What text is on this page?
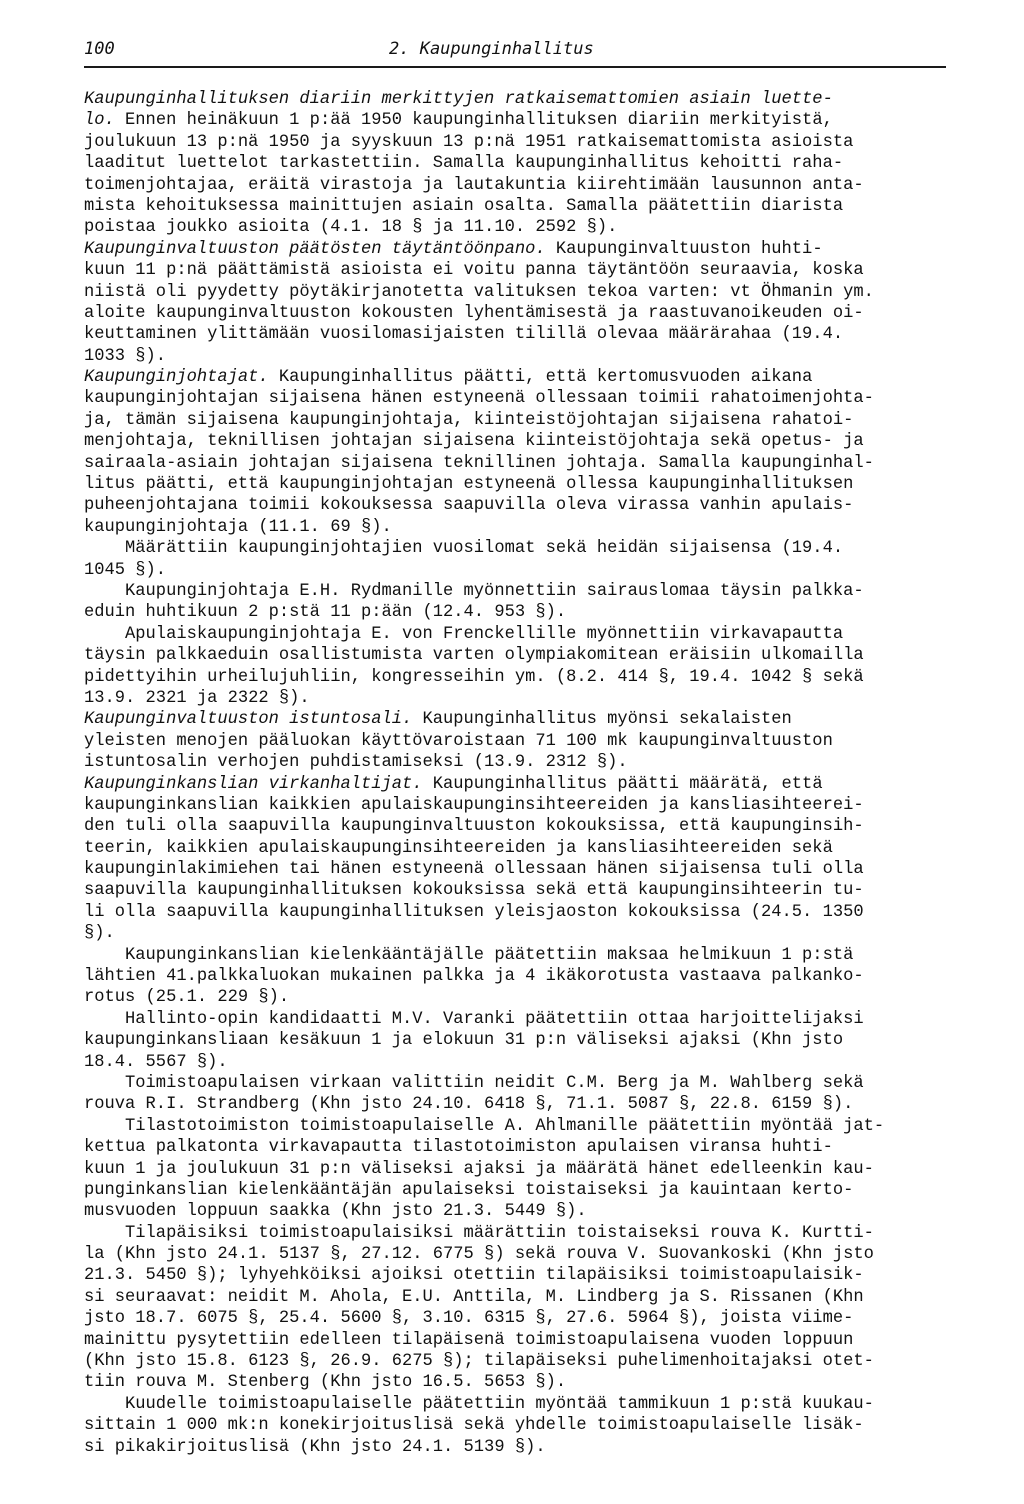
100	2. Kaupunginhallitus
Kaupunginhallituksen diariin merkittyjen ratkaisemattomien asiain luette-
lo. Ennen heinäkuun 1 p:ää 1950 kaupunginhallituksen diariin merkityistä,
joulukuun 13 p:nä 1950 ja syyskuun 13 p:nä 1951 ratkaisemattomista asioista
laaditut luettelot tarkastettiin. Samalla kaupunginhallitus kehoitti raha-
toimenjohtajaa, eräitä virastoja ja lautakuntia kiirehtimään lausunnon anta-
mista kehoituksessa mainittujen asiain osalta. Samalla päätettiin diarista
poistaa joukko asioita (4.1. 18 § ja 11.10. 2592 §).
Kaupunginvaltuuston päätösten täytäntöönpano. Kaupunginvaltuuston huhti-
kuun 11 p:nä päättämistä asioista ei voitu panna täytäntöön seuraavia, koska
niistä oli pyydetty pöytäkirjanotetta valituksen tekoa varten: vt Öhmanin ym.
aloite kaupunginvaltuuston kokousten lyhentämisestä ja raastuvanoikeuden oi-
keuttaminen ylittämään vuosilomasijaisten tilillä olevaa määrärahaa (19.4.
1033 §).
Kaupunginjohtajat. Kaupunginhallitus päätti, että kertomusvuoden aikana
kaupunginjohtajan sijaisena hänen estyneenä ollessaan toimii rahatoimenjohta-
ja, tämän sijaisena kaupunginjohtaja, kiinteistöjohtajan sijaisena rahatoi-
menjohtaja, teknillisen johtajan sijaisena kiinteistöjohtaja sekä opetus- ja
sairaala-asiain johtajan sijaisena teknillinen johtaja. Samalla kaupunginhal-
litus päätti, että kaupunginjohtajan estyneenä ollessa kaupunginhallituksen
puheenjohtajana toimii kokouksessa saapuvilla oleva virassa vanhin apulais-
kaupunginjohtaja (11.1. 69 §).
Määrättiin kaupunginjohtajien vuosilomat sekä heidän sijaisensa (19.4.
1045 §).
Kaupunginjohtaja E.H. Rydmanille myönnettiin sairauslomaa täysin palkka-
eduin huhtikuun 2 p:stä 11 p:ään (12.4. 953 §).
Apulaiskaupunginjohtaja E. von Frenckellille myönnettiin virkavapautta
täysin palkkaeduin osallistumista varten olympiakomitean eräisiin ulkomailla
pidettyihin urheilujuhliin, kongresseihin ym. (8.2. 414 §, 19.4. 1042 § sekä
13.9. 2321 ja 2322 §).
Kaupunginvaltuuston istuntosali. Kaupunginhallitus myönsi sekalaisten
yleisten menojen pääluokan käyttövaroistaan 71 100 mk kaupunginvaltuuston
istuntosalin verhojen puhdistamiseksi (13.9. 2312 §).
Kaupunginkanslian virkanhaltijat. Kaupunginhallitus päätti määrätä, että
kaupunginkanslian kaikkien apulaiskaupunginsihteereiden ja kansliasihteerei-
den tuli olla saapuvilla kaupunginvaltuuston kokouksissa, että kaupunginsih-
teerin, kaikkien apulaiskaupunginsihteereiden ja kansliasihteereiden sekä
kaupunginlakimiehen tai hänen estyneenä ollessaan hänen sijaisensa tuli olla
saapuvilla kaupunginhallituksen kokouksissa sekä että kaupunginsihteerin tu-
li olla saapuvilla kaupunginhallituksen yleisjaoston kokouksissa (24.5. 1350
§).
Kaupunginkanslian kielenkääntäjälle päätettiin maksaa helmikuun 1 p:stä
lähtien 41.palkkaluokan mukainen palkka ja 4 ikäkorotusta vastaava palkanko-
rotus (25.1. 229 §).
Hallinto-opin kandidaatti M.V. Varanki päätettiin ottaa harjoittelijaksi
kaupunginkansliaan kesäkuun 1 ja elokuun 31 p:n väliseksi ajaksi (Khn jsto
18.4. 5567 §).
Toimistoapulaisen virkaan valittiin neidit C.M. Berg ja M. Wahlberg sekä
rouva R.I. Strandberg (Khn jsto 24.10. 6418 §, 71.1. 5087 §, 22.8. 6159 §).
Tilastotoimiston toimistoapulaiselle A. Ahlmanille päätettiin myöntää jat-
kettua palkatonta virkavapautta tilastotoimiston apulaisen viransa huhti-
kuun 1 ja joulukuun 31 p:n väliseksi ajaksi ja määrätä hänet edelleenkin kau-
punginkanslian kielenkääntäjän apulaiseksi toistaiseksi ja kauintaan kerto-
musvuoden loppuun saakka (Khn jsto 21.3. 5449 §).
Tilapäisiksi toimistoapulaisiksi määrättiin toistaiseksi rouva K. Kurtti-
la (Khn jsto 24.1. 5137 §, 27.12. 6775 §) sekä rouva V. Suovankoski (Khn jsto
21.3. 5450 §); lyhyehköiksi ajoiksi otettiin tilapäisiksi toimistoapulaisik-
si seuraavat: neidit M. Ahola, E.U. Anttila, M. Lindberg ja S. Rissanen (Khn
jsto 18.7. 6075 §, 25.4. 5600 §, 3.10. 6315 §, 27.6. 5964 §), joista viime-
mainittu pysytettiin edelleen tilapäisenä toimistoapulaisena vuoden loppuun
(Khn jsto 15.8. 6123 §, 26.9. 6275 §); tilapäiseksi puhelimenhoitajaksi otet-
tiin rouva M. Stenberg (Khn jsto 16.5. 5653 §).
Kuudelle toimistoapulaiselle päätettiin myöntää tammikuun 1 p:stä kuukau-
sittain 1 000 mk:n konekirjoituslisä sekä yhdelle toimistoapulaiselle lisäk-
si pikakirjoituslisä (Khn jsto 24.1. 5139 §).
